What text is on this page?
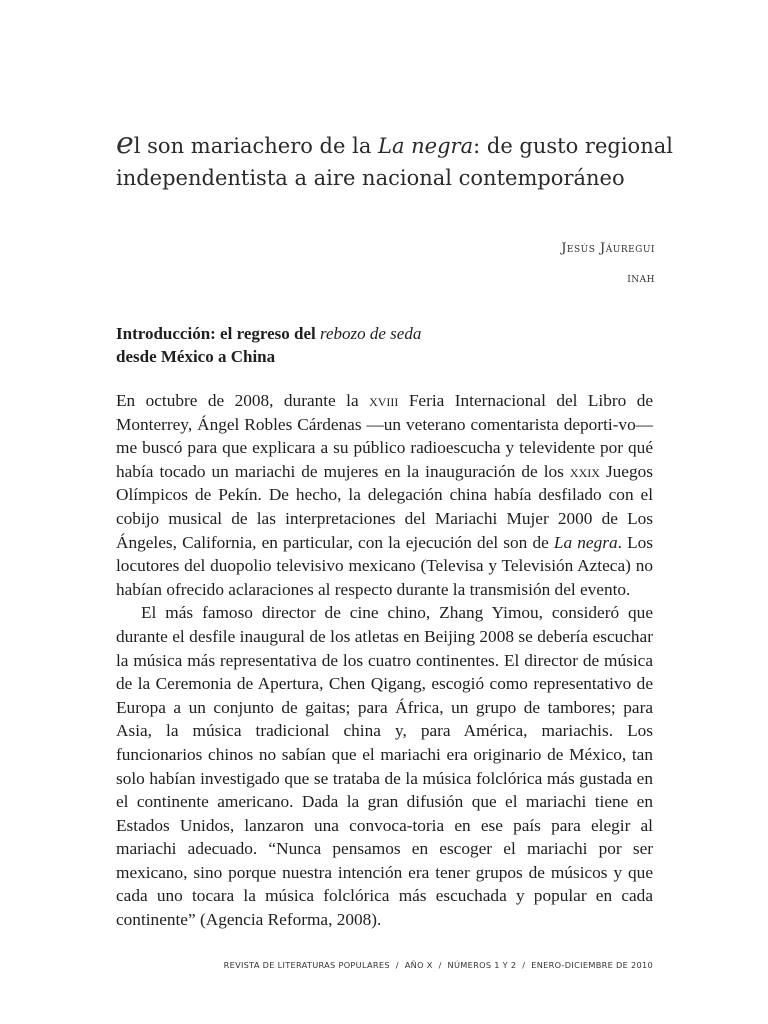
el son mariachero de la La negra: de gusto regional independentista a aire nacional contemporáneo
Jesús Jáuregui
inah
Introducción: el regreso del rebozo de seda
desde México a China

En octubre de 2008, durante la xviii Feria Internacional del Libro de Monterrey, Ángel Robles Cárdenas —un veterano comentarista deporti-vo— me buscó para que explicara a su público radioescucha y televidente por qué había tocado un mariachi de mujeres en la inauguración de los xxix Juegos Olímpicos de Pekín. De hecho, la delegación china había desfilado con el cobijo musical de las interpretaciones del Mariachi Mujer 2000 de Los Ángeles, California, en particular, con la ejecución del son de La negra. Los locutores del duopolio televisivo mexicano (Televisa y Televisión Azteca) no habían ofrecido aclaraciones al respecto durante la transmisión del evento.

El más famoso director de cine chino, Zhang Yimou, consideró que durante el desfile inaugural de los atletas en Beijing 2008 se debería escuchar la música más representativa de los cuatro continentes. El director de música de la Ceremonia de Apertura, Chen Qigang, escogió como representativo de Europa a un conjunto de gaitas; para África, un grupo de tambores; para Asia, la música tradicional china y, para América, mariachis. Los funcionarios chinos no sabían que el mariachi era originario de México, tan solo habían investigado que se trataba de la música folclórica más gustada en el continente americano. Dada la gran difusión que el mariachi tiene en Estados Unidos, lanzaron una convoca-toria en ese país para elegir al mariachi adecuado. “Nunca pensamos en escoger el mariachi por ser mexicano, sino porque nuestra intención era tener grupos de músicos y que cada uno tocara la música folclórica más escuchada y popular en cada continente” (Agencia Reforma, 2008).

REVISTA DE LITERATURAS POPULARES / AÑO X / NÚMEROS 1 Y 2 / ENERO-DICIEMBRE DE 2010
